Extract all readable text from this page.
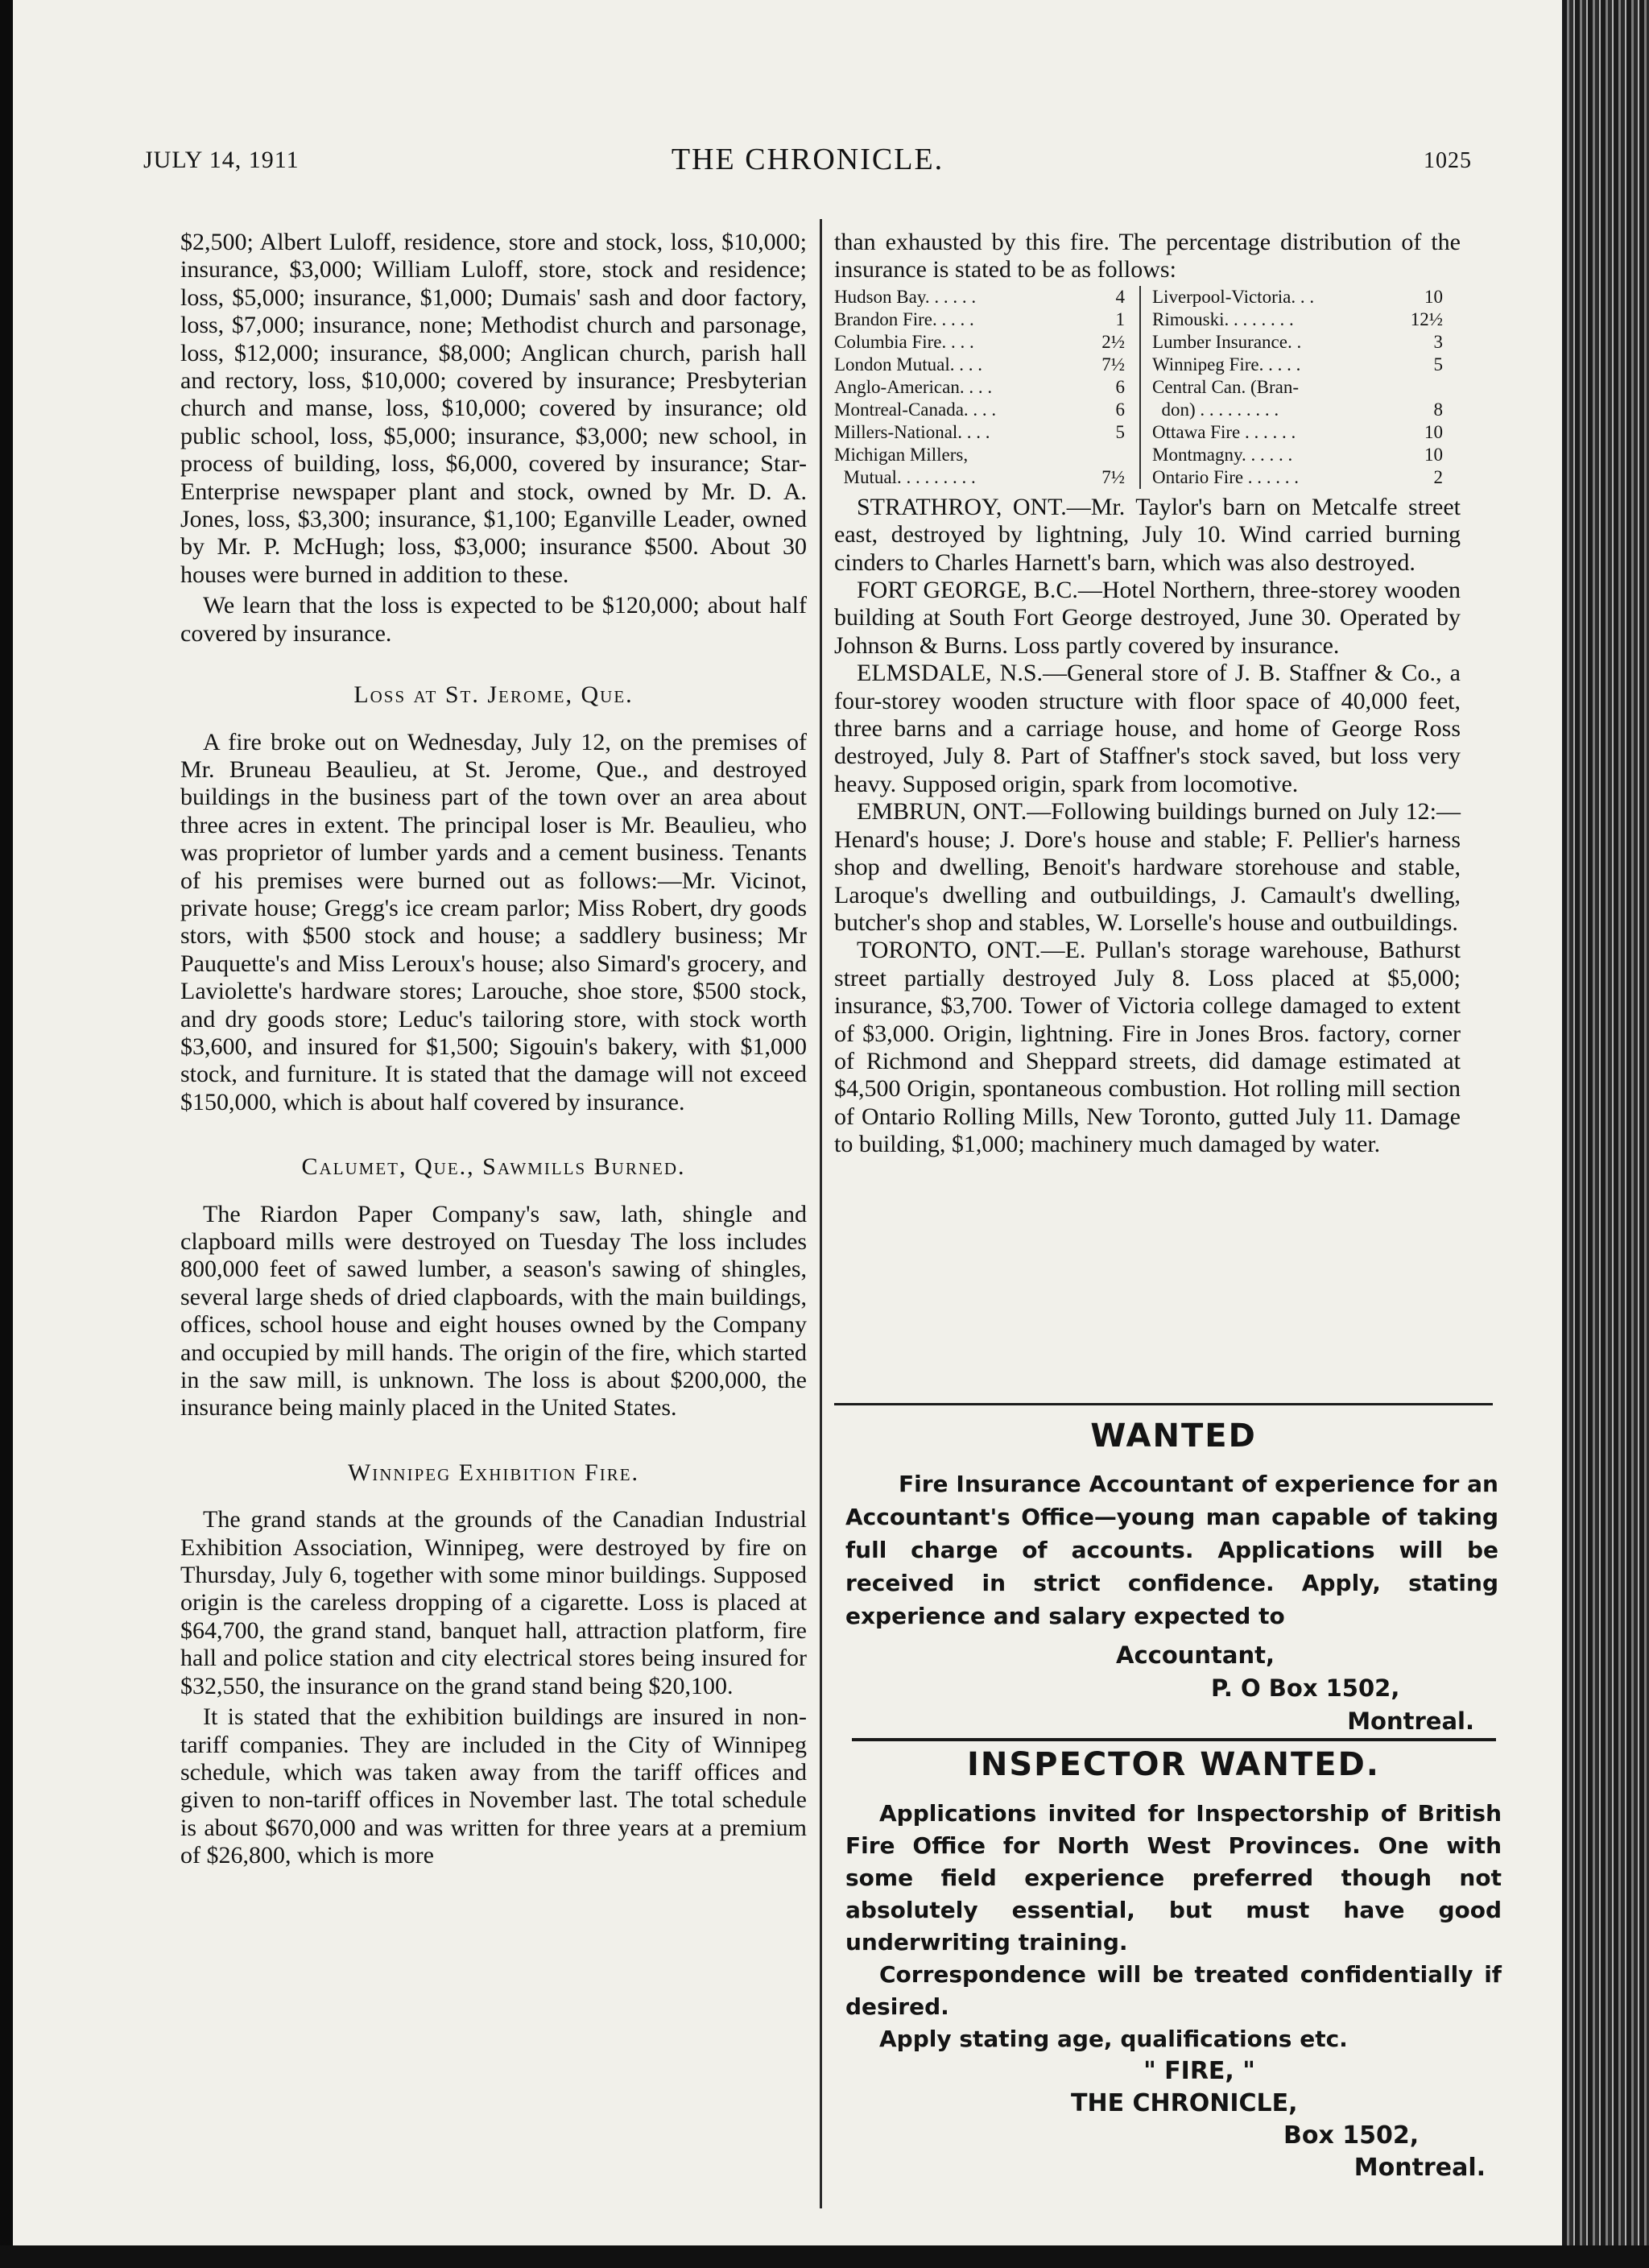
JULY 14, 1911	THE CHRONICLE.	1025

$2,500; Albert Luloff, residence, store and stock, loss, $10,000; insurance, $3,000; William Luloff, store, stock and residence; loss, $5,000; insurance, $1,000; Dumais' sash and door factory, loss, $7,000; insurance, none; Methodist church and parsonage, loss, $12,000; insurance, $8,000; Anglican church, parish hall and rectory, loss, $10,000; covered by insurance; Presbyterian church and manse, loss, $10,000; covered by insurance; old public school, loss, $5,000; insurance, $3,000; new school, in process of building, loss, $6,000, covered by insurance; Star-Enterprise newspaper plant and stock, owned by Mr. D. A. Jones, loss, $3,300; insurance, $1,100; Eganville Leader, owned by Mr. P. McHugh; loss, $3,000; insurance $500. About 30 houses were burned in addition to these.

We learn that the loss is expected to be $120,000; about half covered by insurance.

Loss at St. Jerome, Que.

A fire broke out on Wednesday, July 12, on the premises of Mr. Bruneau Beaulieu, at St. Jerome, Que., and destroyed buildings in the business part of the town over an area about three acres in extent. The principal loser is Mr. Beaulieu, who was proprietor of lumber yards and a cement business. Tenants of his premises were burned out as follows:—Mr. Vicinot, private house; Gregg's ice cream parlor; Miss Robert, dry goods stors, with $500 stock and house; a saddlery business; Mr Pauquette's and Miss Leroux's house; also Simard's grocery, and Laviolette's hardware stores; Larouche, shoe store, $500 stock, and dry goods store; Leduc's tailoring store, with stock worth $3,600, and insured for $1,500; Sigouin's bakery, with $1,000 stock, and furniture. It is stated that the damage will not exceed $150,000, which is about half covered by insurance.

Calumet, Que., Sawmills Burned.

The Riardon Paper Company's saw, lath, shingle and clapboard mills were destroyed on Tuesday The loss includes 800,000 feet of sawed lumber, a season's sawing of shingles, several large sheds of dried clapboards, with the main buildings, offices, school house and eight houses owned by the Company and occupied by mill hands. The origin of the fire, which started in the saw mill, is unknown. The loss is about $200,000, the insurance being mainly placed in the United States.

Winnipeg Exhibition Fire.

The grand stands at the grounds of the Canadian Industrial Exhibition Association, Winnipeg, were destroyed by fire on Thursday, July 6, together with some minor buildings. Supposed origin is the careless dropping of a cigarette. Loss is placed at $64,700, the grand stand, banquet hall, attraction platform, fire hall and police station and city electrical stores being insured for $32,550, the insurance on the grand stand being $20,100.

It is stated that the exhibition buildings are insured in non-tariff companies. They are included in the City of Winnipeg schedule, which was taken away from the tariff offices and given to non-tariff offices in November last. The total schedule is about $670,000 and was written for three years at a premium of $26,800, which is more

than exhausted by this fire. The percentage distribution of the insurance is stated to be as follows:

Hudson Bay. . . . . .	4
Brandon Fire. . . . .	1
Columbia Fire. . . .	2½
London Mutual. . . .	7½
Anglo-American. . . .	6
Montreal-Canada. . . .	6
Millers-National. . . .	5
Michigan Millers,
Mutual. . . . . . . . .	7½
Liverpool-Victoria. . .	10
Rimouski. . . . . . . .	12½
Lumber Insurance. .	3
Winnipeg Fire. . . . .	5
Central Can. (Bran-
don) . . . . . . . . .	8
Ottawa Fire . . . . . .	10
Montmagny. . . . . .	10
Ontario Fire . . . . . .	2

STRATHROY, ONT.—Mr. Taylor's barn on Metcalfe street east, destroyed by lightning, July 10. Wind carried burning cinders to Charles Harnett's barn, which was also destroyed.

FORT GEORGE, B.C.—Hotel Northern, three-storey wooden building at South Fort George destroyed, June 30. Operated by Johnson & Burns. Loss partly covered by insurance.

ELMSDALE, N.S.—General store of J. B. Staffner & Co., a four-storey wooden structure with floor space of 40,000 feet, three barns and a carriage house, and home of George Ross destroyed, July 8. Part of Staffner's stock saved, but loss very heavy. Supposed origin, spark from locomotive.

EMBRUN, ONT.—Following buildings burned on July 12:—Henard's house; J. Dore's house and stable; F. Pellier's harness shop and dwelling, Benoit's hardware storehouse and stable, Laroque's dwelling and outbuildings, J. Camault's dwelling, butcher's shop and stables, W. Lorselle's house and outbuildings.

TORONTO, ONT.—E. Pullan's storage warehouse, Bathurst street partially destroyed July 8. Loss placed at $5,000; insurance, $3,700. Tower of Victoria college damaged to extent of $3,000. Origin, lightning. Fire in Jones Bros. factory, corner of Richmond and Sheppard streets, did damage estimated at $4,500 Origin, spontaneous combustion. Hot rolling mill section of Ontario Rolling Mills, New Toronto, gutted July 11. Damage to building, $1,000; machinery much damaged by water.

WANTED
Fire Insurance Accountant of experience for an Accountant's Office—young man capable of taking full charge of accounts. Applications will be received in strict confidence. Apply, stating experience and salary expected to
Accountant,
P. O Box 1502,
Montreal.
INSPECTOR WANTED.
Applications invited for Inspectorship of British Fire Office for North West Provinces. One with some field experience preferred though not absolutely essential, but must have good underwriting training.
Correspondence will be treated confidentially if desired.
Apply stating age, qualifications etc.
" FIRE, "
THE CHRONICLE,
Box 1502,
Montreal.
